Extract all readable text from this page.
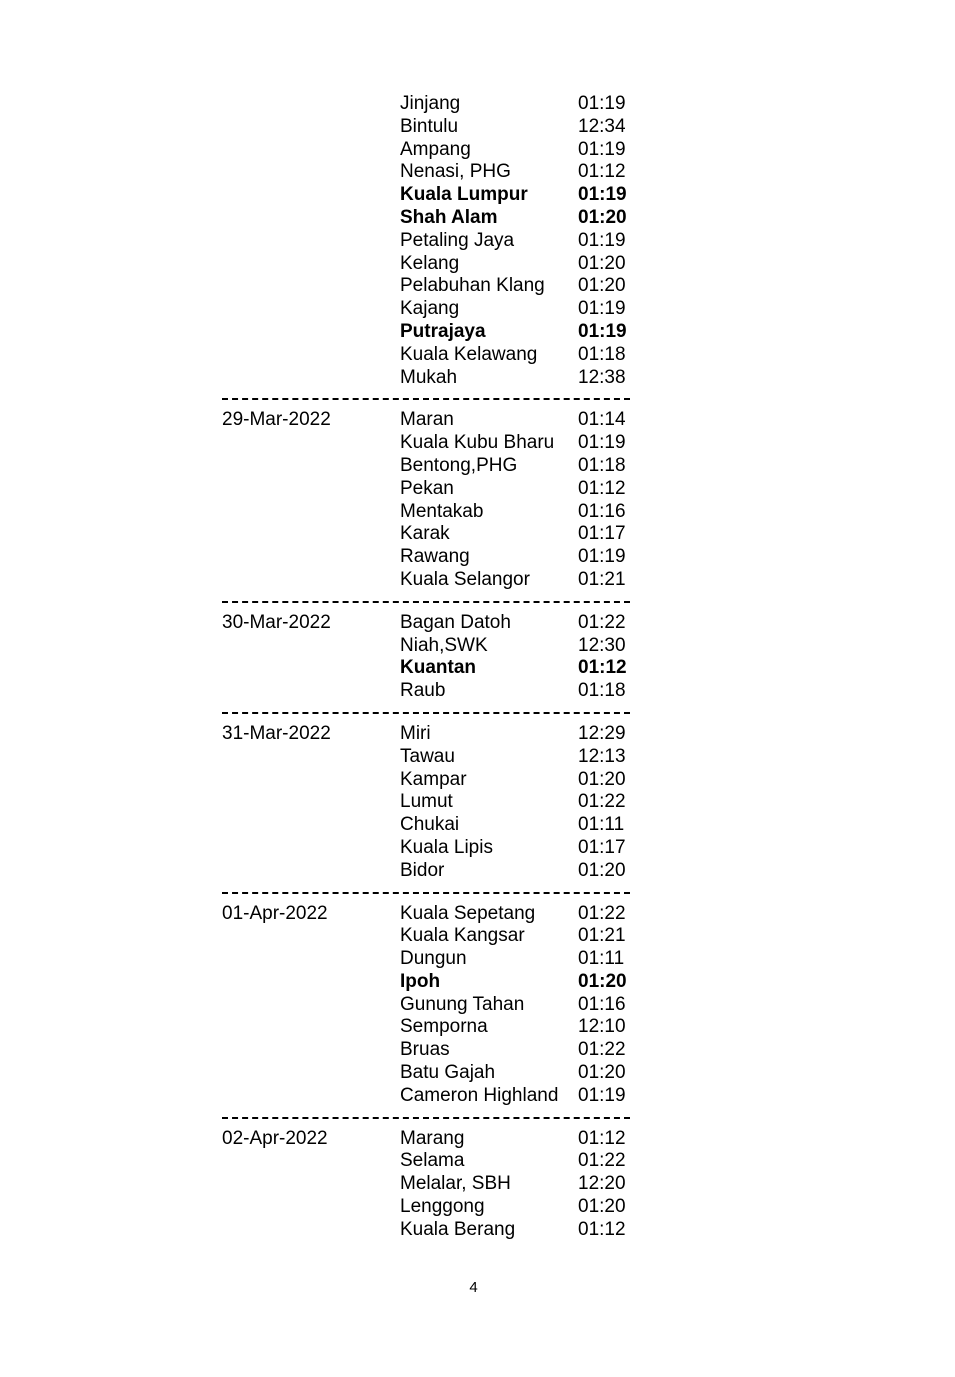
Jinjang	01:19
Bintulu	12:34
Ampang	01:19
Nenasi, PHG	01:12
Kuala Lumpur	01:19
Shah Alam	01:20
Petaling Jaya	01:19
Kelang	01:20
Pelabuhan Klang 01:20
Kajang	01:19
Putrajaya	01:19
Kuala Kelawang 01:18
Mukah	12:38
29-Mar-2022	Maran	01:14
Kuala Kubu Bharu 01:19
Bentong,PHG	01:18
Pekan	01:12
Mentakab	01:16
Karak	01:17
Rawang	01:19
Kuala Selangor	01:21
30-Mar-2022	Bagan Datoh	01:22
Niah,SWK	12:30
Kuantan	01:12
Raub	01:18
31-Mar-2022	Miri	12:29
Tawau	12:13
Kampar	01:20
Lumut	01:22
Chukai	01:11
Kuala Lipis	01:17
Bidor	01:20
01-Apr-2022	Kuala Sepetang 01:22
Kuala Kangsar	01:21
Dungun	01:11
Ipoh	01:20
Gunung Tahan	01:16
Semporna	12:10
Bruas	01:22
Batu Gajah	01:20
Cameron Highland 01:19
02-Apr-2022	Marang	01:12
Selama	01:22
Melalar, SBH	12:20
Lenggong	01:20
Kuala Berang	01:12
4
